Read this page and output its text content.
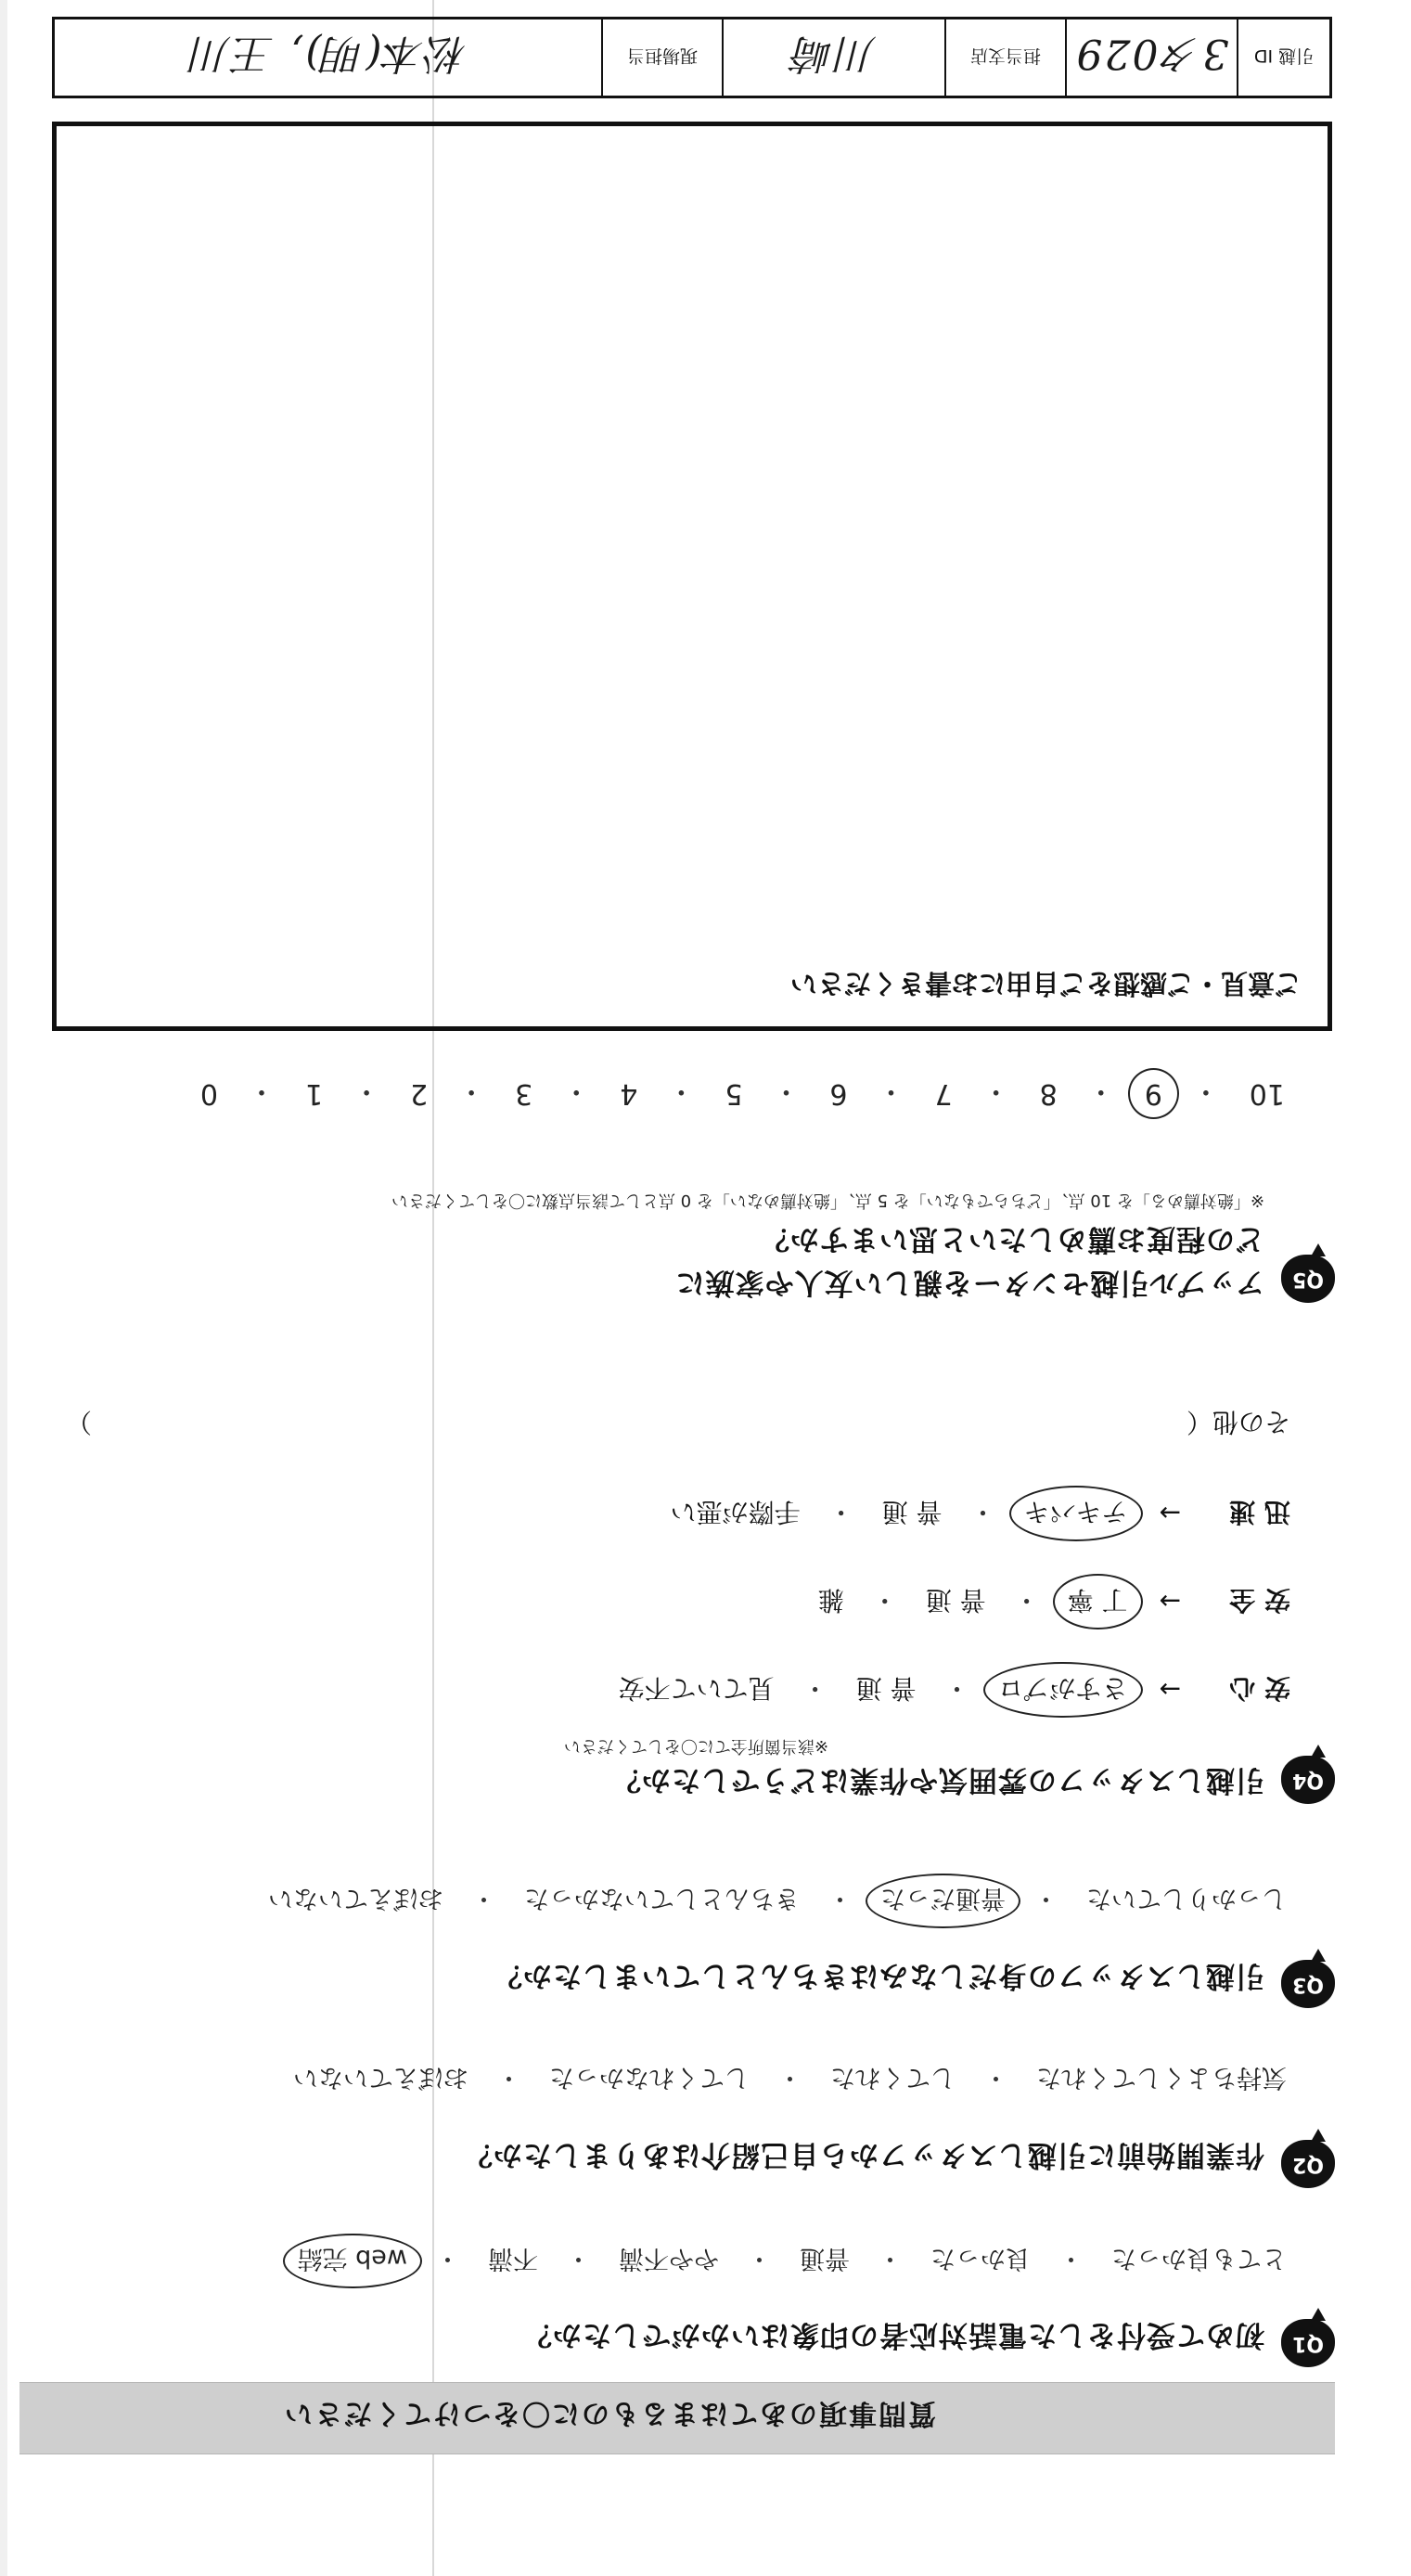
質問事項のあてはまるものに〇をつけてください
Q1
初めて受付をした電話対応者の印象はいかがでしたか？
とても良かった
・
良かった
・
普通
・
やや不満
・
不満
・
web 完結
Q2
作業開始前に引越しスタッフから自己紹介はありましたか？
気持ちよくしてくれた
・
してくれた
・
してくれなかった
・
おぼえていない
Q3
引越しスタッフの身だしなみはきちんとしていましたか？
しっかりしていた
・
普通だった
・
きちんとしていなかった
・
おぼえていない
Q4
引越しスタッフの雰囲気や作業はどうでしたか？
※該当箇所全てに〇をしてください
安 心
→
さすがプロ
・
普 通
・
見ていて不安
安 全
→
丁 寧
・
普 通
・
雑
迅 速
→
テキパキ
・
普 通
・
手際が悪い
その他（
）
Q5
アップル引越センターを親しい友人や家族に
どの程度お薦めしたいと思いますか？
※「絶対薦める」を 10 点、「どちらでもない」を 5 点、「絶対薦めない」を 0 点として該当点数に〇をしてください
10
・
9
・
8
・
7
・
6
・
5
・
4
・
3
・
2
・
1
・
0
ご意見・ご感想をご自由にお書きください
引越 ID
3タ029
担当支店
川崎
現場担当
松本(明), 王川
